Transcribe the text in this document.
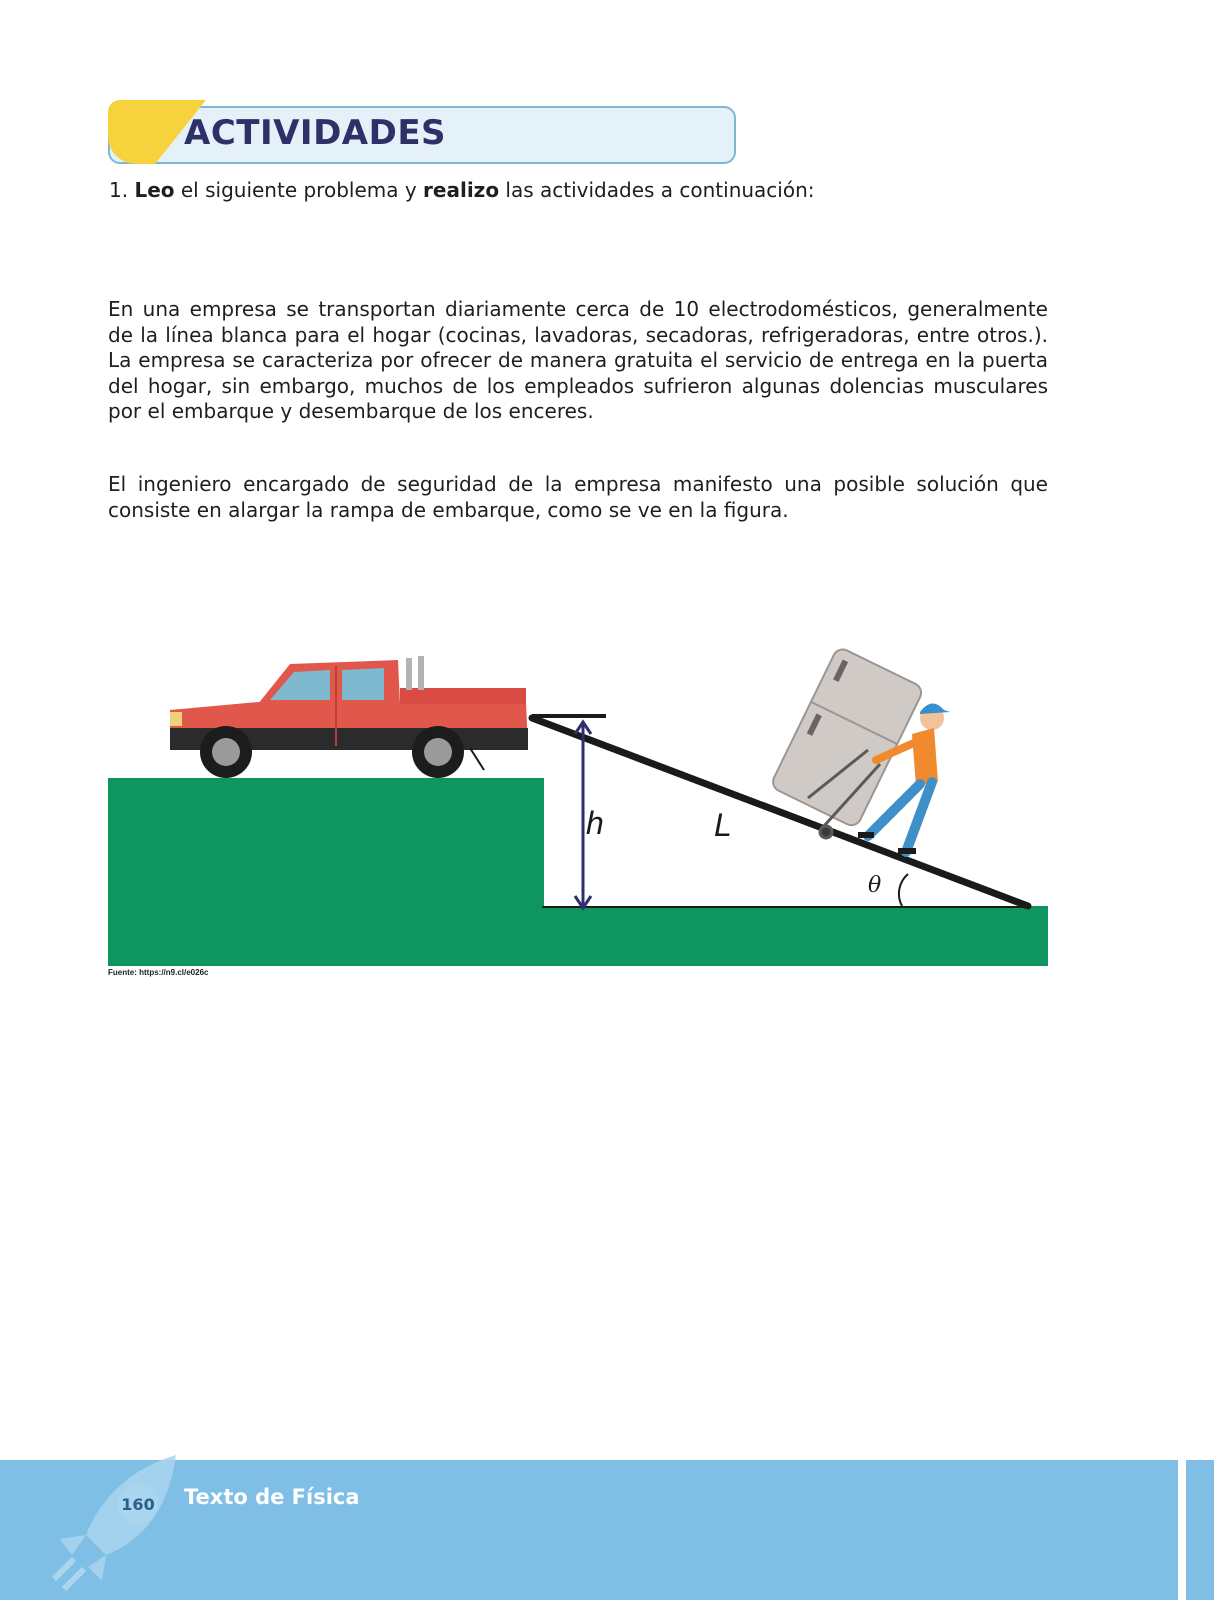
ACTIVIDADES
1. Leo el siguiente problema y realizo las actividades a continuación:

En una empresa se transportan diariamente cerca de 10 electrodomésticos, generalmente de la línea blanca para el hogar (cocinas, lavadoras, secadoras, refrigeradoras, entre otros.). La empresa se caracteriza por ofrecer de manera gratuita el servicio de entrega en la puerta del hogar, sin embargo, muchos de los empleados sufrieron algunas dolencias musculares por el embarque y desembarque de los enceres.

El ingeniero encargado de seguridad de la empresa manifesto una posible solución que consiste en alargar la rampa de embarque, como se ve en la figura.

h	L
θ
Fuente: https://n9.cl/e026c
160 Texto de Física
